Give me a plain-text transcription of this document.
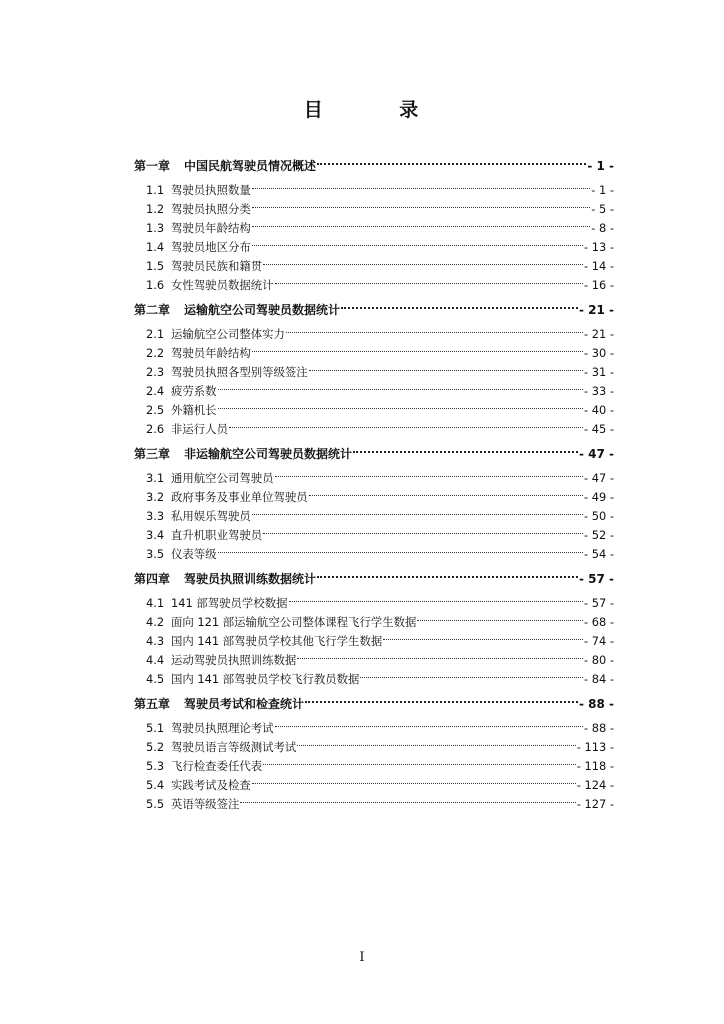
目    录
第一章	中国民航驾驶员情况概述	- 1 -
1.1 驾驶员执照数量	- 1 -
1.2 驾驶员执照分类	- 5 -
1.3 驾驶员年龄结构	- 8 -
1.4 驾驶员地区分布	- 13 -
1.5 驾驶员民族和籍贯	- 14 -
1.6 女性驾驶员数据统计	- 16 -
第二章	运输航空公司驾驶员数据统计	- 21 -
2.1 运输航空公司整体实力	- 21 -
2.2 驾驶员年龄结构	- 30 -
2.3 驾驶员执照各型别等级签注	- 31 -
2.4 疲劳系数	- 33 -
2.5 外籍机长	- 40 -
2.6 非运行人员	- 45 -
第三章	非运输航空公司驾驶员数据统计	- 47 -
3.1 通用航空公司驾驶员	- 47 -
3.2 政府事务及事业单位驾驶员	- 49 -
3.3 私用娱乐驾驶员	- 50 -
3.4 直升机职业驾驶员	- 52 -
3.5 仪表等级	- 54 -
第四章	驾驶员执照训练数据统计	- 57 -
4.1 141 部驾驶员学校数据	- 57 -
4.2 面向 121 部运输航空公司整体课程飞行学生数据	- 68 -
4.3 国内 141 部驾驶员学校其他飞行学生数据	- 74 -
4.4 运动驾驶员执照训练数据	- 80 -
4.5 国内 141 部驾驶员学校飞行教员数据	- 84 -
第五章	驾驶员考试和检查统计	- 88 -
5.1 驾驶员执照理论考试	- 88 -
5.2 驾驶员语言等级测试考试	- 113 -
5.3 飞行检查委任代表	- 118 -
5.4 实践考试及检查	- 124 -
5.5 英语等级签注	- 127 -
I
